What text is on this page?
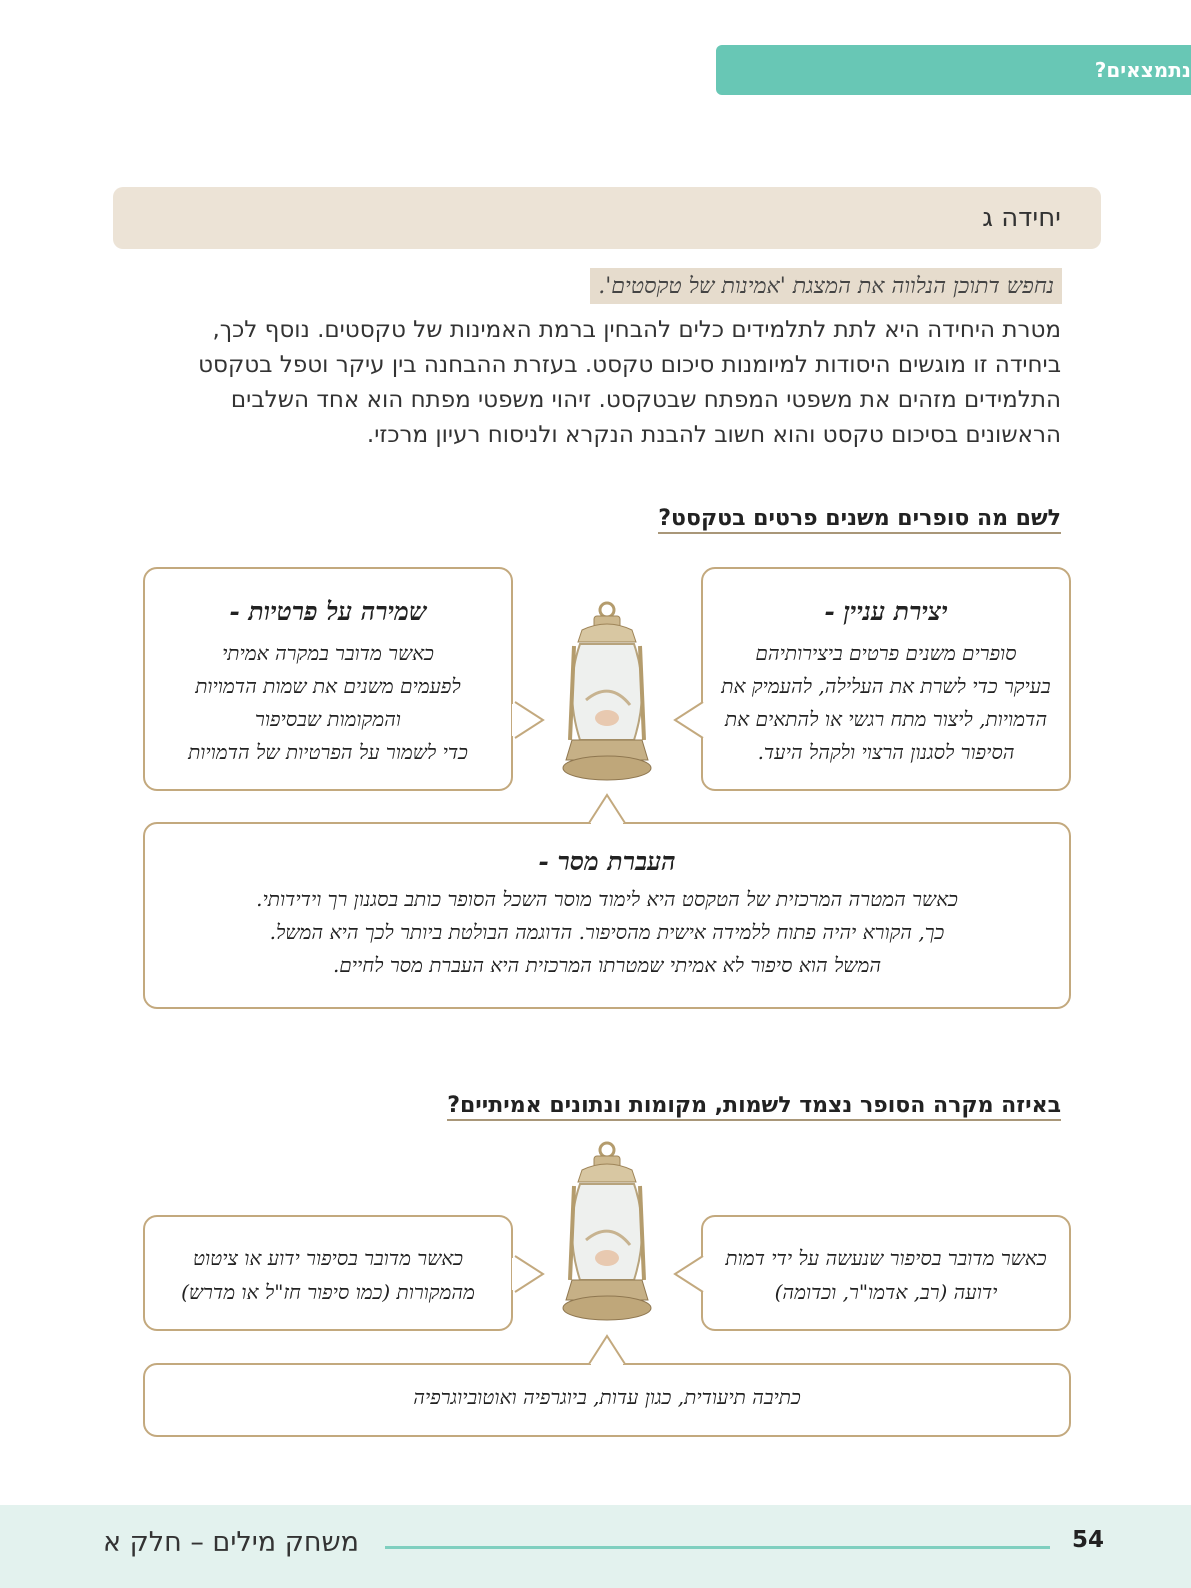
נתמצאים?
יחידה ג
נחפש דתוכן הנלווה את המצגת 'אמינות של טקסטים'.

מטרת היחידה היא לתת לתלמידים כלים להבחין ברמת האמינות של טקסטים. נוסף לכך, ביחידה זו מוגשים היסודות למיומנות סיכום טקסט. בעזרת ההבחנה בין עיקר וטפל בטקסט התלמידים מזהים את משפטי המפתח שבטקסט. זיהוי משפטי מפתח הוא אחד השלבים הראשונים בסיכום טקסט והוא חשוב להבנת הנקרא ולניסוח רעיון מרכזי.

לשם מה סופרים משנים פרטים בטקסט?
יצירת עניין -

סופרים משנים פרטים ביצירותיהם

בעיקר כדי לשרת את העלילה, להעמיק את

הדמויות, ליצור מתח רגשי או להתאים את

הסיפור לסגנון הרצוי ולקהל היעד.

שמירה על פרטיות -

כאשר מדובר במקרה אמיתי

לפעמים משנים את שמות הדמויות

והמקומות שבסיפור

כדי לשמור על הפרטיות של הדמויות

העברת מסר -

כאשר המטרה המרכזית של הטקסט היא לימוד מוסר השכל הסופר כותב בסגנון רך וידידותי.

כך, הקורא יהיה פתוח ללמידה אישית מהסיפור. הדוגמה הבולטת ביותר לכך היא המשל.

המשל הוא סיפור לא אמיתי שמטרתו המרכזית היא העברת מסר לחיים.

באיזה מקרה הסופר נצמד לשמות, מקומות ונתונים אמיתיים?

כאשר מדובר בסיפור שנעשה על ידי דמות

ידועה (רב, אדמו"ר, וכדומה)

כאשר מדובר בסיפור ידוע או ציטוט

מהמקורות (כמו סיפור חז"ל או מדרש)

כתיבה תיעודית, כגון עדות, ביוגרפיה ואוטוביוגרפיה

משחק מילים – חלק א	54
